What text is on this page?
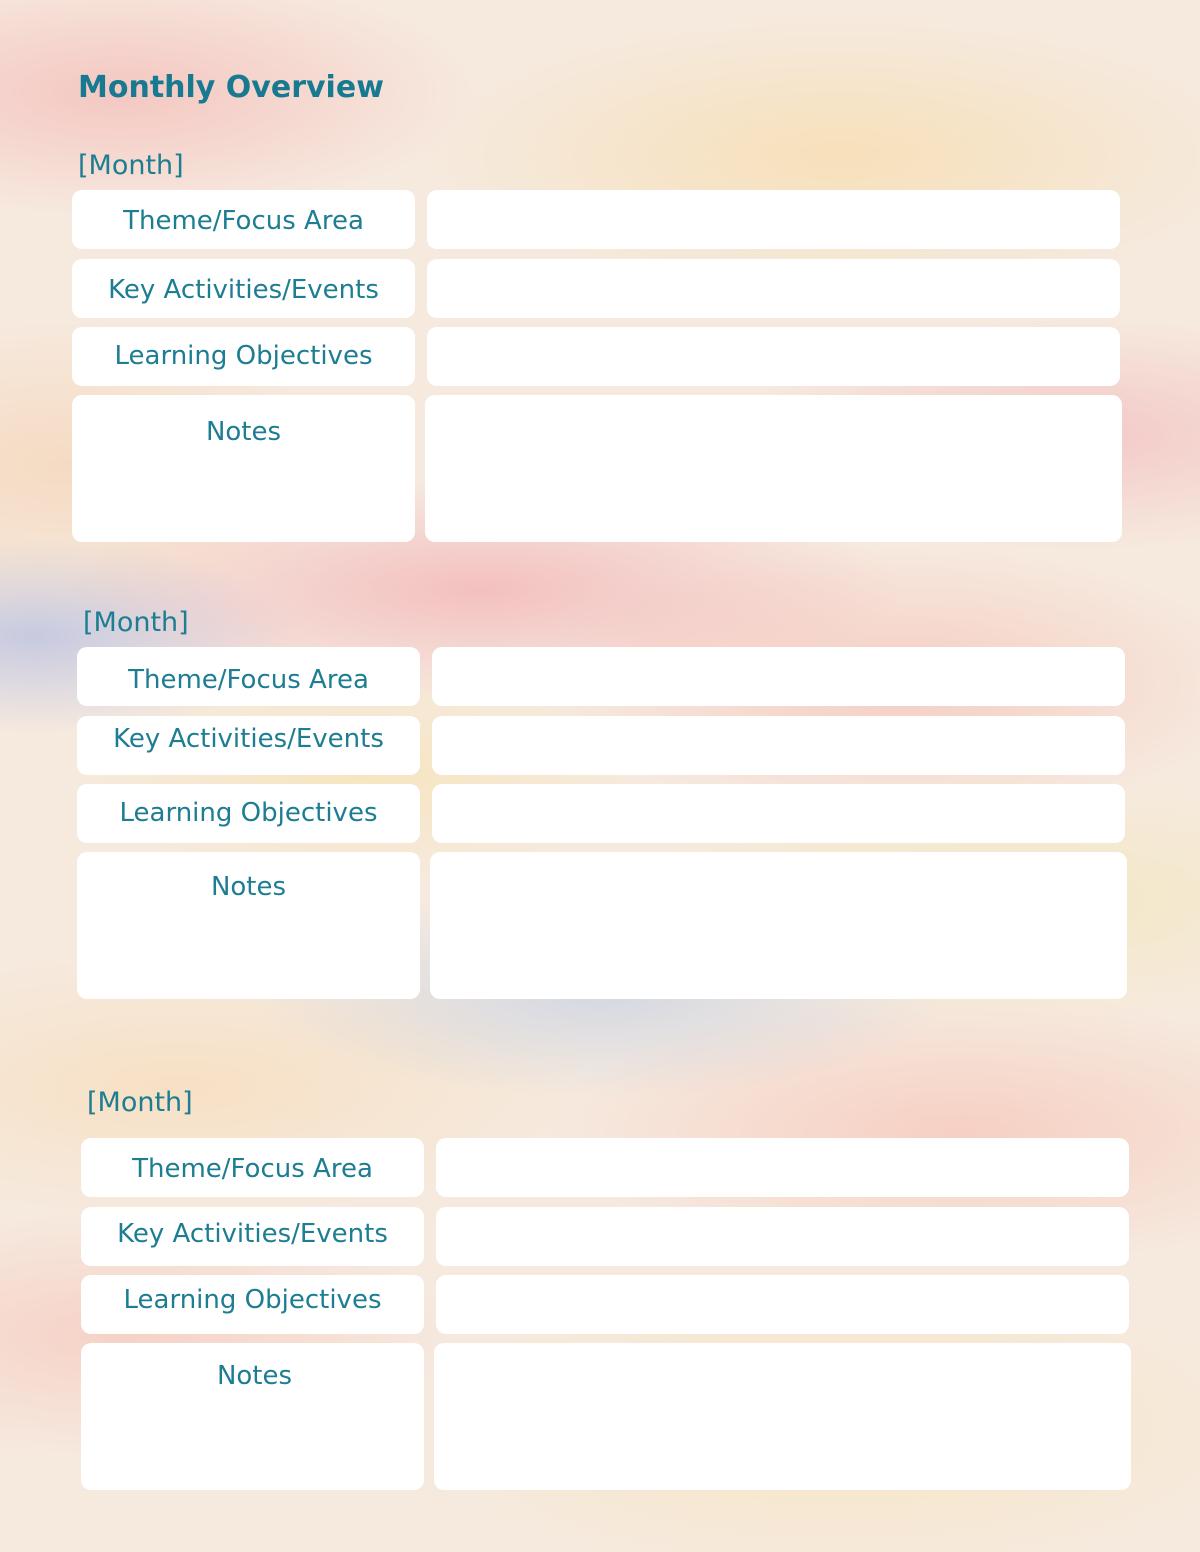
Monthly Overview
[Month]
Theme/Focus Area
Key Activities/Events
Learning Objectives
Notes
[Month]
Theme/Focus Area
Key Activities/Events
Learning Objectives
Notes
[Month]
Theme/Focus Area
Key Activities/Events
Learning Objectives
Notes
